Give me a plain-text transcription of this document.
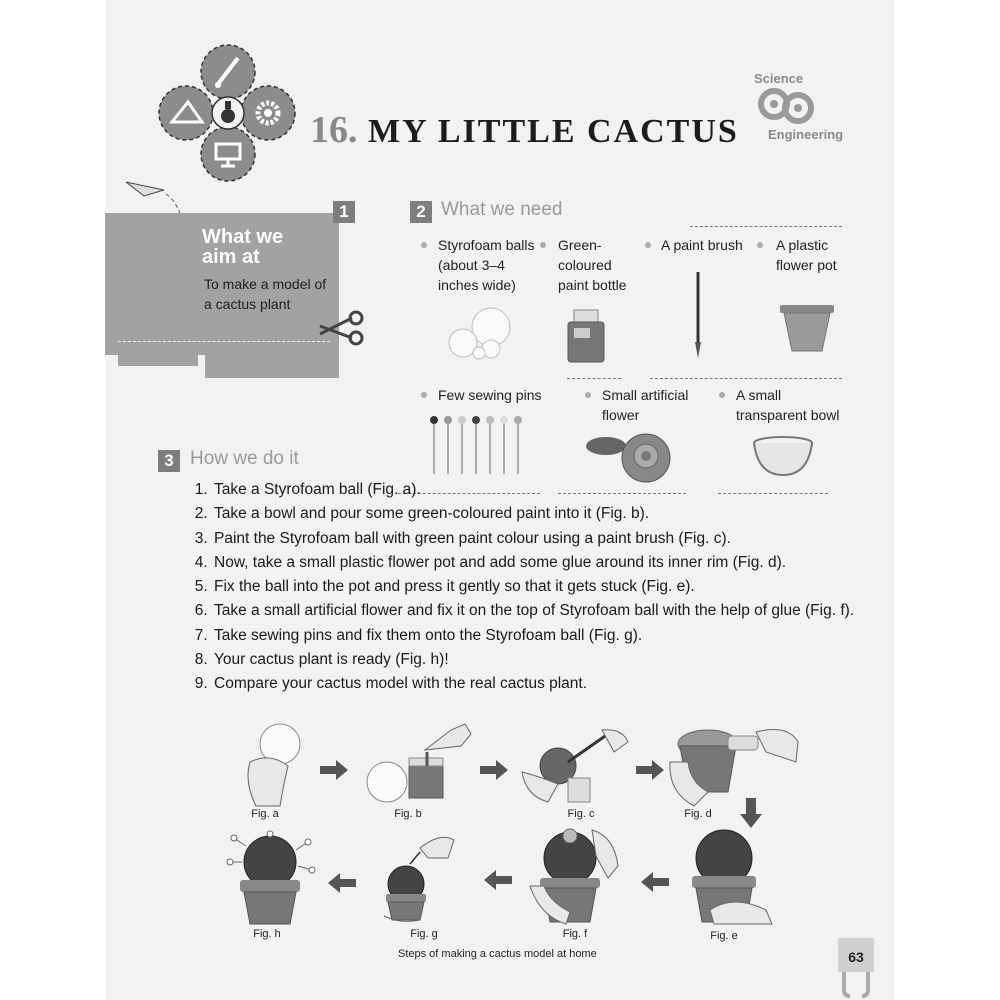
16. MY LITTLE CACTUS
Science
Engineering
1
What we aim at
To make a model of a cactus plant
2 What we need
Styrofoam balls (about 3–4 inches wide)
Green-coloured paint bottle
A paint brush	A plastic flower pot
Few sewing pins	Small artificial flower
A small transparent bowl
3 How we do it
1. Take a Styrofoam ball (Fig. a).
2. Take a bowl and pour some green-coloured paint into it (Fig. b).
3. Paint the Styrofoam ball with green paint colour using a paint brush (Fig. c).
4. Now, take a small plastic flower pot and add some glue around its inner rim (Fig. d).
5. Fix the ball into the pot and press it gently so that it gets stuck (Fig. e).
6. Take a small artificial flower and fix it on the top of Styrofoam ball with the help of glue (Fig. f).
7. Take sewing pins and fix them onto the Styrofoam ball (Fig. g).
8. Your cactus plant is ready (Fig. h)!
9. Compare your cactus model with the real cactus plant.
Fig. a	Fig. b	Fig. c	Fig. d
Fig. h	Fig. g	Fig. f	Fig. e
Steps of making a cactus model at home	63
